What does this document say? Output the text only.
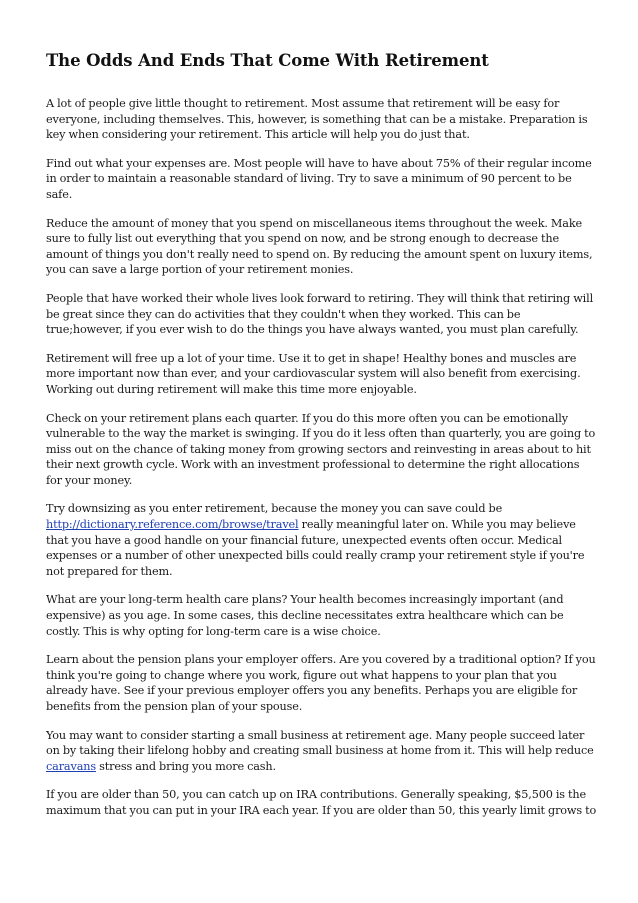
The Odds And Ends That Come With Retirement

A lot of people give little thought to retirement. Most assume that retirement will be easy for everyone, including themselves. This, however, is something that can be a mistake. Preparation is key when considering your retirement. This article will help you do just that.

Find out what your expenses are. Most people will have to have about 75% of their regular income in order to maintain a reasonable standard of living. Try to save a minimum of 90 percent to be safe.

Reduce the amount of money that you spend on miscellaneous items throughout the week. Make sure to fully list out everything that you spend on now, and be strong enough to decrease the amount of things you don't really need to spend on. By reducing the amount spent on luxury items, you can save a large portion of your retirement monies.

People that have worked their whole lives look forward to retiring. They will think that retiring will be great since they can do activities that they couldn't when they worked. This can be true;however, if you ever wish to do the things you have always wanted, you must plan carefully.

Retirement will free up a lot of your time. Use it to get in shape! Healthy bones and muscles are more important now than ever, and your cardiovascular system will also benefit from exercising. Working out during retirement will make this time more enjoyable.

Check on your retirement plans each quarter. If you do this more often you can be emotionally vulnerable to the way the market is swinging. If you do it less often than quarterly, you are going to miss out on the chance of taking money from growing sectors and reinvesting in areas about to hit their next growth cycle. Work with an investment professional to determine the right allocations for your money.

Try downsizing as you enter retirement, because the money you can save could be http://dictionary.reference.com/browse/travel really meaningful later on. While you may believe that you have a good handle on your financial future, unexpected events often occur. Medical expenses or a number of other unexpected bills could really cramp your retirement style if you're not prepared for them.

What are your long-term health care plans? Your health becomes increasingly important (and expensive) as you age. In some cases, this decline necessitates extra healthcare which can be costly. This is why opting for long-term care is a wise choice.

Learn about the pension plans your employer offers. Are you covered by a traditional option? If you think you're going to change where you work, figure out what happens to your plan that you already have. See if your previous employer offers you any benefits. Perhaps you are eligible for benefits from the pension plan of your spouse.

You may want to consider starting a small business at retirement age. Many people succeed later on by taking their lifelong hobby and creating small business at home from it. This will help reduce caravans stress and bring you more cash.

If you are older than 50, you can catch up on IRA contributions. Generally speaking, $5,500 is the maximum that you can put in your IRA each year. If you are older than 50, this yearly limit grows to
